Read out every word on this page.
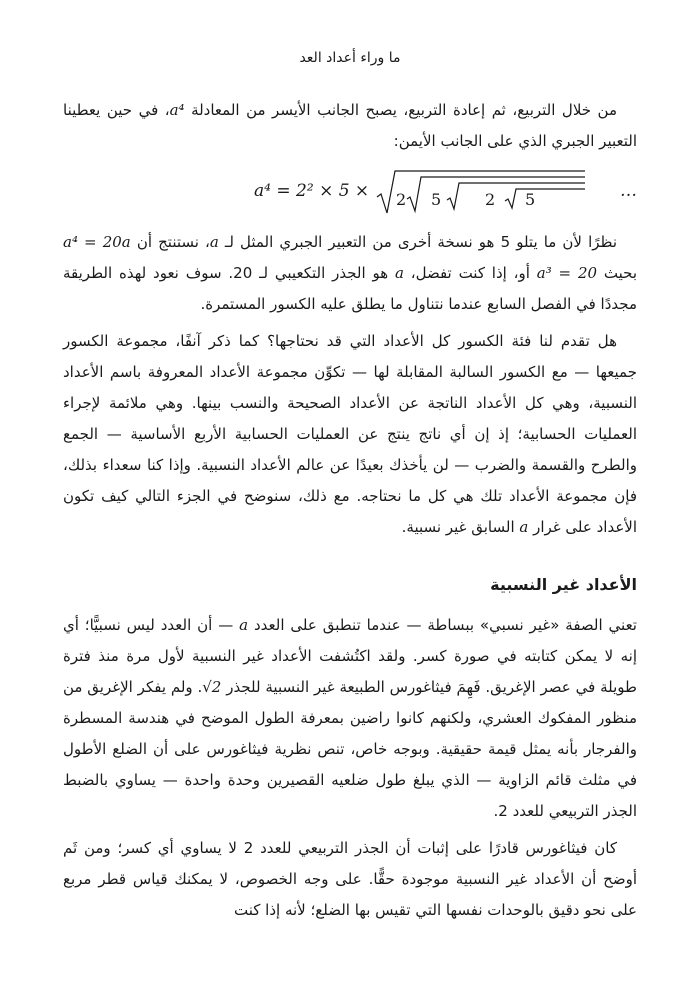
ما وراء أعداد العد

من خلال التربيع، ثم إعادة التربيع، يصبح الجانب الأيسر من المعادلة a⁴، في حين يعطينا التعبير الجبري الذي على الجانب الأيمن:

a⁴ = 2² × 5 × 2 5	2 5	…

نظرًا لأن ما يتلو 5 هو نسخة أخرى من التعبير الجبري المثل لـ a، نستنتج أن a⁴ = 20a بحيث a³ = 20 أو، إذا كنت تفضل، a هو الجذر التكعيبي لـ 20. سوف نعود لهذه الطريقة مجددًا في الفصل السابع عندما نتناول ما يطلق عليه الكسور المستمرة.

هل تقدم لنا فئة الكسور كل الأعداد التي قد نحتاجها؟ كما ذكر آنفًا، مجموعة الكسور جميعها — مع الكسور السالبة المقابلة لها — تكوِّن مجموعة الأعداد المعروفة باسم الأعداد النسبية، وهي كل الأعداد الناتجة عن الأعداد الصحيحة والنسب بينها. وهي ملائمة لإجراء العمليات الحسابية؛ إذ إن أي ناتج ينتج عن العمليات الحسابية الأربع الأساسية — الجمع والطرح والقسمة والضرب — لن يأخذك بعيدًا عن عالم الأعداد النسبية. وإذا كنا سعداء بذلك، فإن مجموعة الأعداد تلك هي كل ما نحتاجه. مع ذلك، سنوضح في الجزء التالي كيف تكون الأعداد على غرار a السابق غير نسبية.

الأعداد غير النسبية

تعني الصفة «غير نسبي» ببساطة — عندما تنطبق على العدد a — أن العدد ليس نسبيًّا؛ أي إنه لا يمكن كتابته في صورة كسر. ولقد اكتُشفت الأعداد غير النسبية لأول مرة منذ فترة طويلة في عصر الإغريق. فَهِمَ فيثاغورس الطبيعة غير النسبية للجذر √2. ولم يفكر الإغريق من منظور المفكوك العشري، ولكنهم كانوا راضين بمعرفة الطول الموضح في هندسة المسطرة والفرجار بأنه يمثل قيمة حقيقية. وبوجه خاص، تنص نظرية فيثاغورس على أن الضلع الأطول في مثلث قائم الزاوية — الذي يبلغ طول ضلعيه القصيرين وحدة واحدة — يساوي بالضبط الجذر التربيعي للعدد 2.

كان فيثاغورس قادرًا على إثبات أن الجذر التربيعي للعدد 2 لا يساوي أي كسر؛ ومن ثَم أوضح أن الأعداد غير النسبية موجودة حقًّا. على وجه الخصوص، لا يمكنك قياس قطر مربع على نحو دقيق بالوحدات نفسها التي تقيس بها الضلع؛ لأنه إذا كنت
